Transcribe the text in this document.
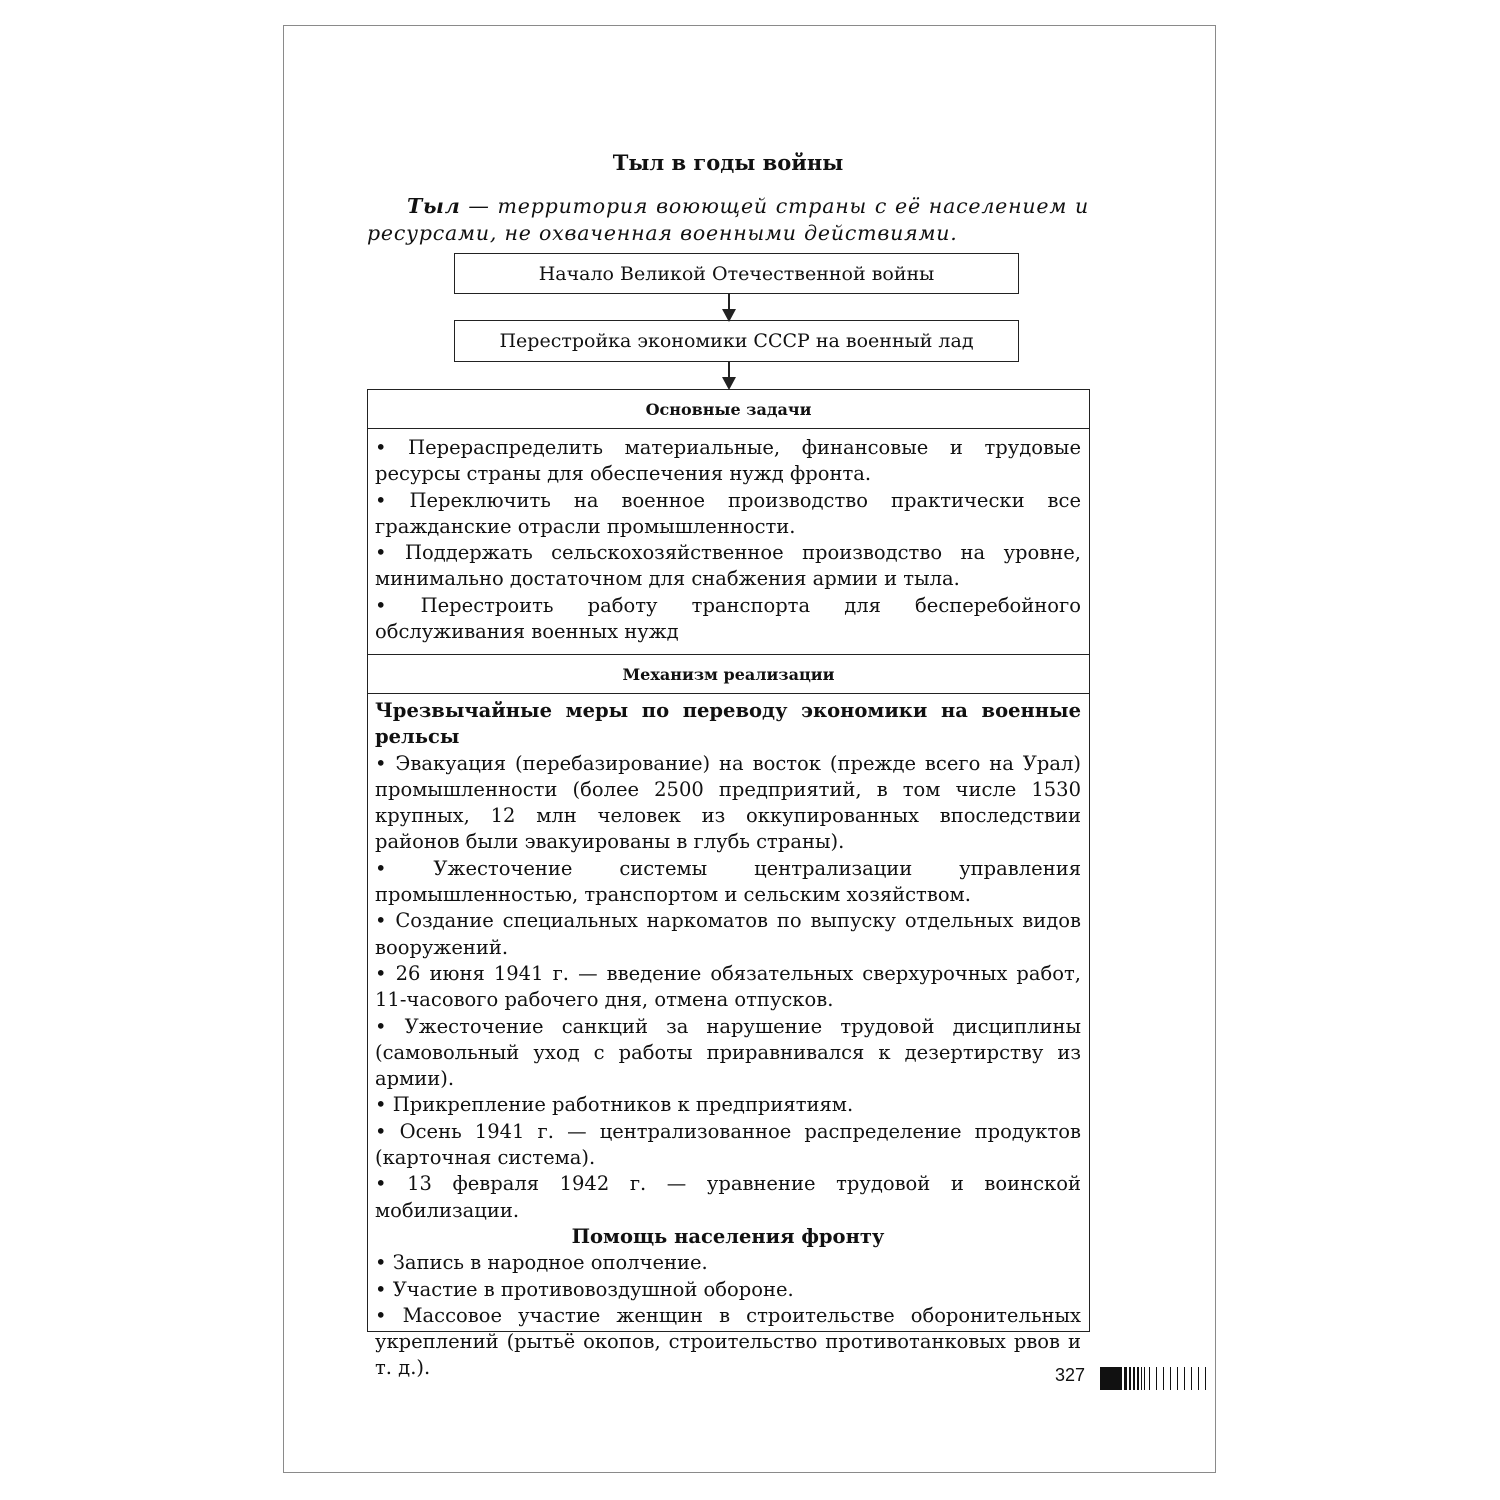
Тыл в годы войны
Тыл — территория воюющей страны с её населением и ресурсами, не охваченная военными действиями.
Начало Великой Отечественной войны
Перестройка экономики СССР на военный лад
Основные задачи

• Перераспределить материальные, финансовые и трудовые ресурсы страны для обеспечения нужд фронта.

• Переключить на военное производство практически все гражданские отрасли промышленности.

• Поддержать сельскохозяйственное производство на уровне, минимально достаточном для снабжения армии и тыла.

• Перестроить работу транспорта для бесперебойного обслуживания военных нужд

Механизм реализации

Чрезвычайные меры по переводу экономики на военные рельсы

• Эвакуация (перебазирование) на восток (прежде всего на Урал) промышленности (более 2500 предприятий, в том числе 1530 крупных, 12 млн человек из оккупированных впоследствии районов были эвакуированы в глубь страны).

• Ужесточение системы централизации управления промышленностью, транспортом и сельским хозяйством.

• Создание специальных наркоматов по выпуску отдельных видов вооружений.

• 26 июня 1941 г. — введение обязательных сверхурочных работ, 11-часового рабочего дня, отмена отпусков.

• Ужесточение санкций за нарушение трудовой дисциплины (самовольный уход с работы приравнивался к дезертирству из армии).

• Прикрепление работников к предприятиям.

• Осень 1941 г. — централизованное распределение продуктов (карточная система).

• 13 февраля 1942 г. — уравнение трудовой и воинской мобилизации.

Помощь населения фронту

• Запись в народное ополчение.

• Участие в противовоздушной обороне.

• Массовое участие женщин в строительстве оборонительных укреплений (рытьё окопов, строительство противотанковых рвов и т. д.).	327
